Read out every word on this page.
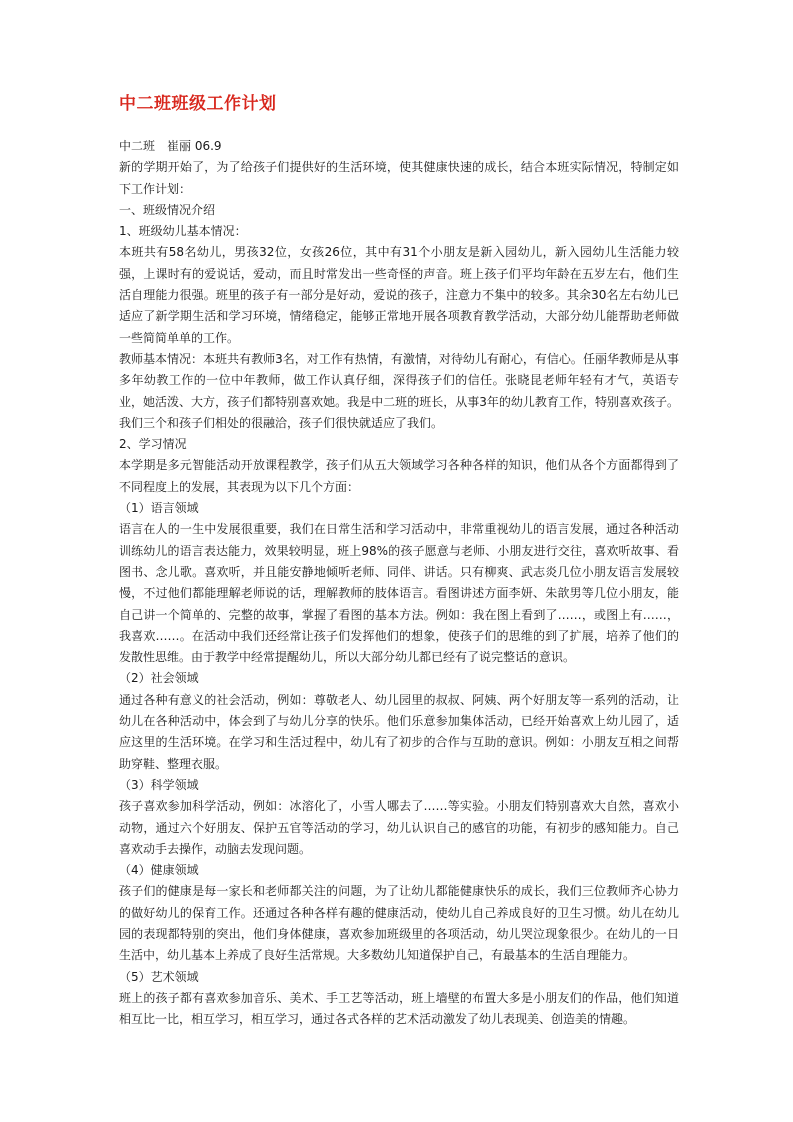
中二班班级工作计划

中二班　崔丽 06.9

新的学期开始了，为了给孩子们提供好的生活环境，使其健康快速的成长，结合本班实际情况，特制定如下工作计划：

一、班级情况介绍

1、班级幼儿基本情况：

本班共有58名幼儿，男孩32位，女孩26位，其中有31个小朋友是新入园幼儿，新入园幼儿生活能力较强，上课时有的爱说话，爱动，而且时常发出一些奇怪的声音。班上孩子们平均年龄在五岁左右，他们生活自理能力很强。班里的孩子有一部分是好动，爱说的孩子，注意力不集中的较多。其余30名左右幼儿已适应了新学期生活和学习环境，情绪稳定，能够正常地开展各项教育教学活动，大部分幼儿能帮助老师做一些简简单单的工作。

教师基本情况：本班共有教师3名，对工作有热情，有激情，对待幼儿有耐心，有信心。任丽华教师是从事多年幼教工作的一位中年教师，做工作认真仔细，深得孩子们的信任。张晓昆老师年轻有才气，英语专业，她活泼、大方，孩子们都特别喜欢她。我是中二班的班长，从事3年的幼儿教育工作，特别喜欢孩子。我们三个和孩子们相处的很融洽，孩子们很快就适应了我们。

2、学习情况

本学期是多元智能活动开放课程教学，孩子们从五大领域学习各种各样的知识，他们从各个方面都得到了不同程度上的发展，其表现为以下几个方面：

（1）语言领域

语言在人的一生中发展很重要，我们在日常生活和学习活动中，非常重视幼儿的语言发展，通过各种活动训练幼儿的语言表达能力，效果较明显，班上98%的孩子愿意与老师、小朋友进行交往，喜欢听故事、看图书、念儿歌。喜欢听，并且能安静地倾听老师、同伴、讲话。只有柳爽、武志炎几位小朋友语言发展较慢，不过他们都能理解老师说的话，理解教师的肢体语言。看图讲述方面李妍、朱歆男等几位小朋友，能自己讲一个简单的、完整的故事，掌握了看图的基本方法。例如：我在图上看到了……，或图上有……，我喜欢……。在活动中我们还经常让孩子们发挥他们的想象，使孩子们的思维的到了扩展，培养了他们的发散性思维。由于教学中经常提醒幼儿，所以大部分幼儿都已经有了说完整话的意识。

（2）社会领域

通过各种有意义的社会活动，例如：尊敬老人、幼儿园里的叔叔、阿姨、两个好朋友等一系列的活动，让幼儿在各种活动中，体会到了与幼儿分享的快乐。他们乐意参加集体活动，已经开始喜欢上幼儿园了，适应这里的生活环境。在学习和生活过程中，幼儿有了初步的合作与互助的意识。例如：小朋友互相之间帮助穿鞋、整理衣服。

（3）科学领域

孩子喜欢参加科学活动，例如：冰溶化了，小雪人哪去了……等实验。小朋友们特别喜欢大自然，喜欢小动物，通过六个好朋友、保护五官等活动的学习，幼儿认识自己的感官的功能，有初步的感知能力。自己喜欢动手去操作，动脑去发现问题。

（4）健康领域

孩子们的健康是每一家长和老师都关注的问题，为了让幼儿都能健康快乐的成长，我们三位教师齐心协力的做好幼儿的保育工作。还通过各种各样有趣的健康活动，使幼儿自己养成良好的卫生习惯。幼儿在幼儿园的表现都特别的突出，他们身体健康，喜欢参加班级里的各项活动，幼儿哭泣现象很少。在幼儿的一日生活中，幼儿基本上养成了良好生活常规。大多数幼儿知道保护自己，有最基本的生活自理能力。

（5）艺术领域

班上的孩子都有喜欢参加音乐、美术、手工艺等活动，班上墙壁的布置大多是小朋友们的作品，他们知道相互比一比，相互学习，相互学习，通过各式各样的艺术活动激发了幼儿表现美、创造美的情趣。
